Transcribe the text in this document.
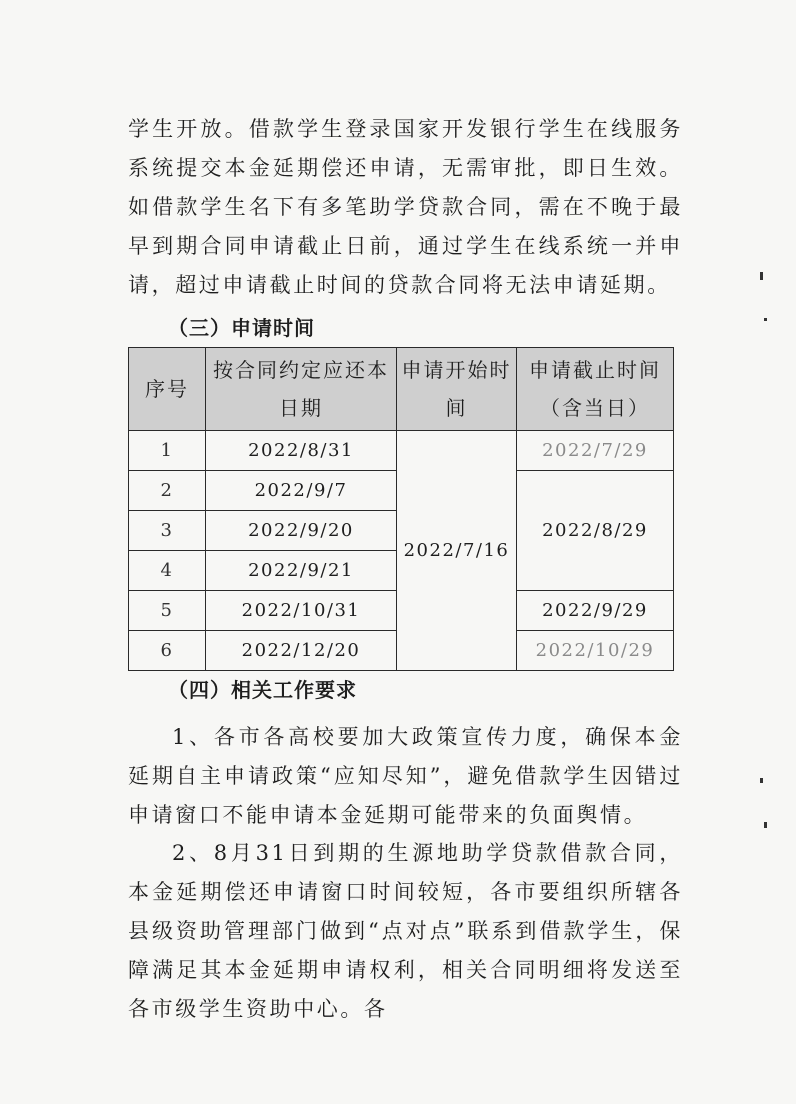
学生开放。借款学生登录国家开发银行学生在线服务系统提交本金延期偿还申请，无需审批，即日生效。如借款学生名下有多笔助学贷款合同，需在不晚于最早到期合同申请截止日前，通过学生在线系统一并申请，超过申请截止时间的贷款合同将无法申请延期。

（三）申请时间

序号	按合同约定应还本日期	申请开始时间	申请截止时间（含当日）
1	2022/8/31	2022/7/16	2022/7/29
2	2022/9/7		2022/8/29
3	2022/9/20		
4	2022/9/21		
5	2022/10/31		2022/9/29
6	2022/12/20		2022/10/29

（四）相关工作要求

1、各市各高校要加大政策宣传力度，确保本金延期自主申请政策“应知尽知”，避免借款学生因错过申请窗口不能申请本金延期可能带来的负面舆情。

2、8月31日到期的生源地助学贷款借款合同，本金延期偿还申请窗口时间较短，各市要组织所辖各县级资助管理部门做到“点对点”联系到借款学生，保障满足其本金延期申请权利，相关合同明细将发送至各市级学生资助中心。各
